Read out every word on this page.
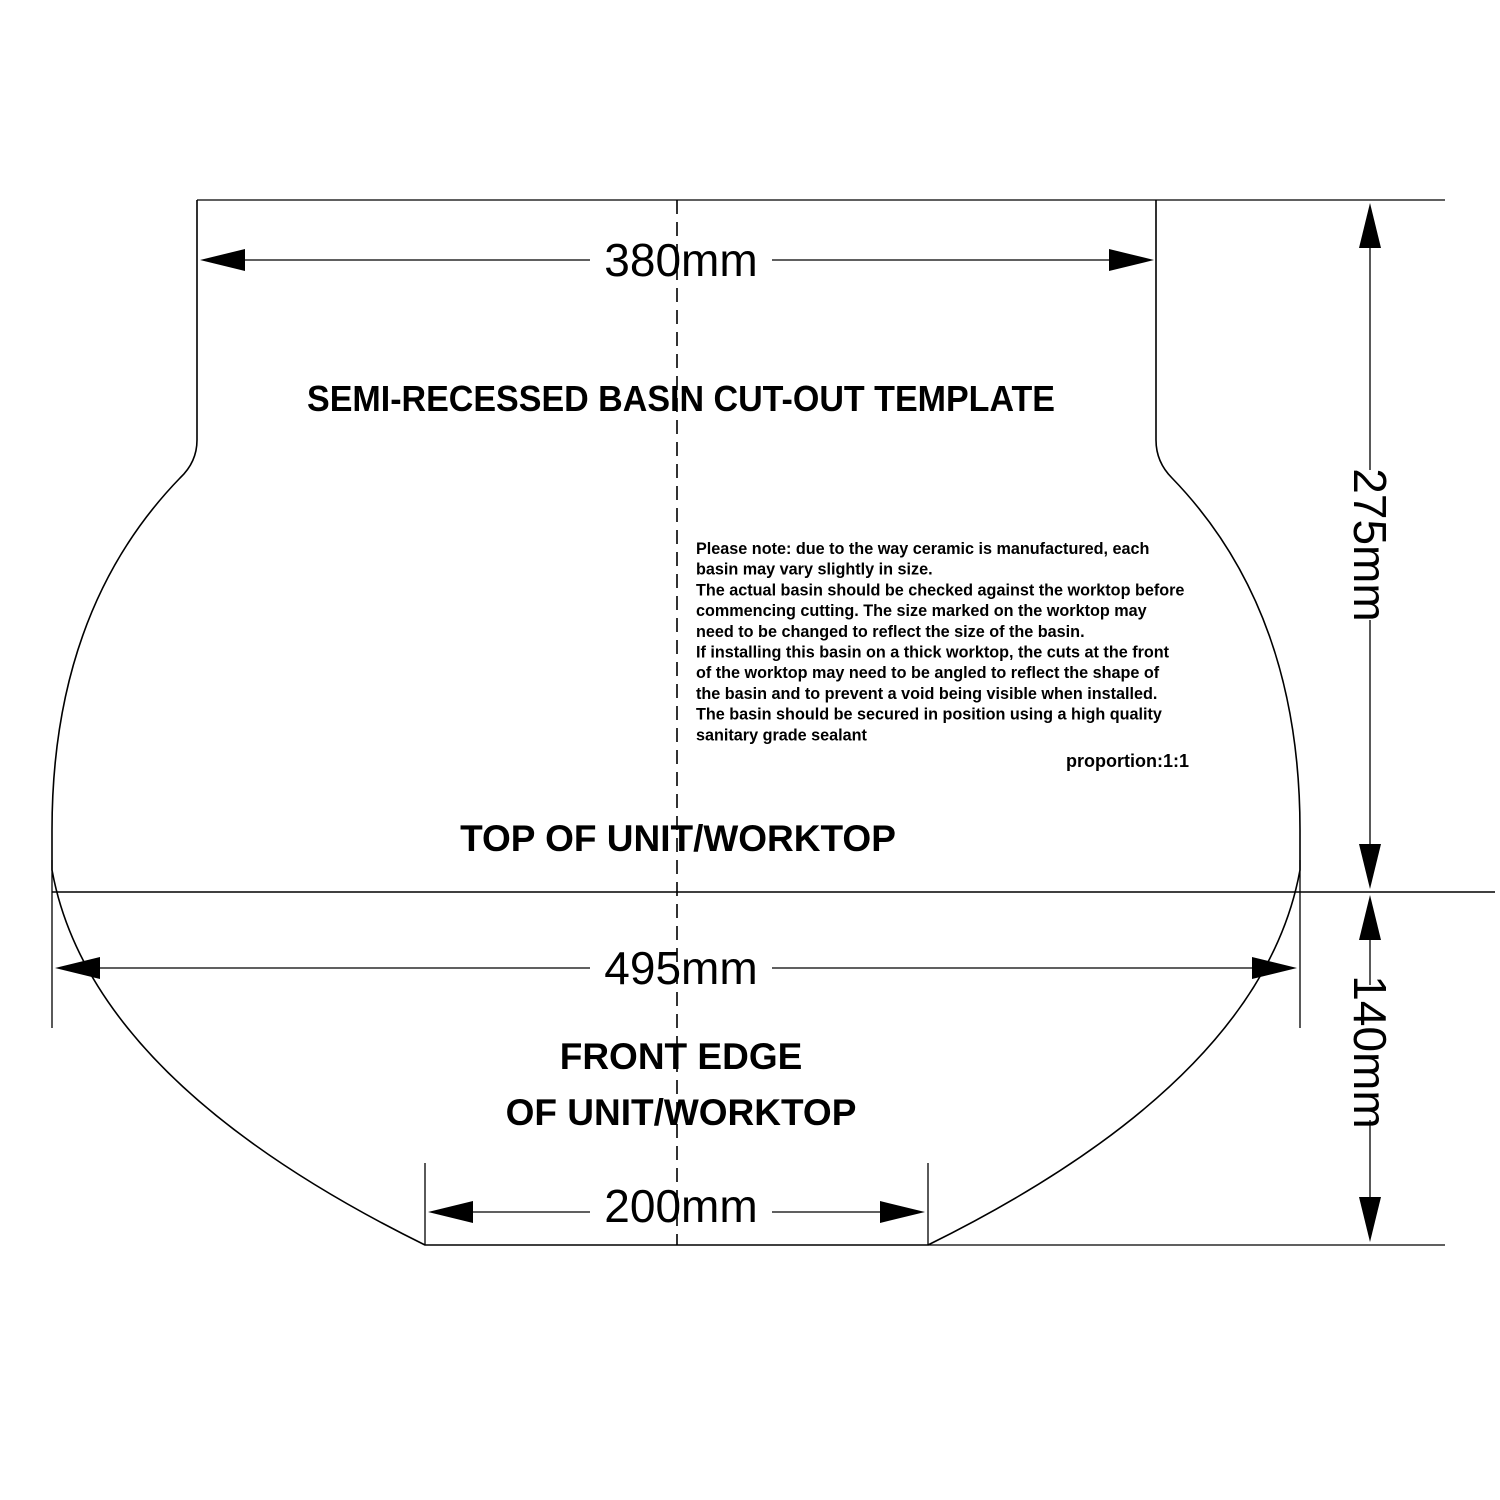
380mm
495mm
200mm
275mm
140mm
SEMI-RECESSED BASIN CUT-OUT TEMPLATE
Please note: due to the way ceramic is manufactured, each
basin may vary slightly in size.
The actual basin should be checked against the worktop before
commencing cutting. The size marked on the worktop may
need to be changed to reflect the size of the basin.
If installing this basin on a thick worktop, the cuts at the front
of the worktop may need to be angled to reflect the shape of
the basin and to prevent a void being visible when installed.
The basin should be secured in position using a high quality
sanitary grade sealant
proportion:1:1
TOP OF UNIT/WORKTOP
FRONT EDGE
OF UNIT/WORKTOP
